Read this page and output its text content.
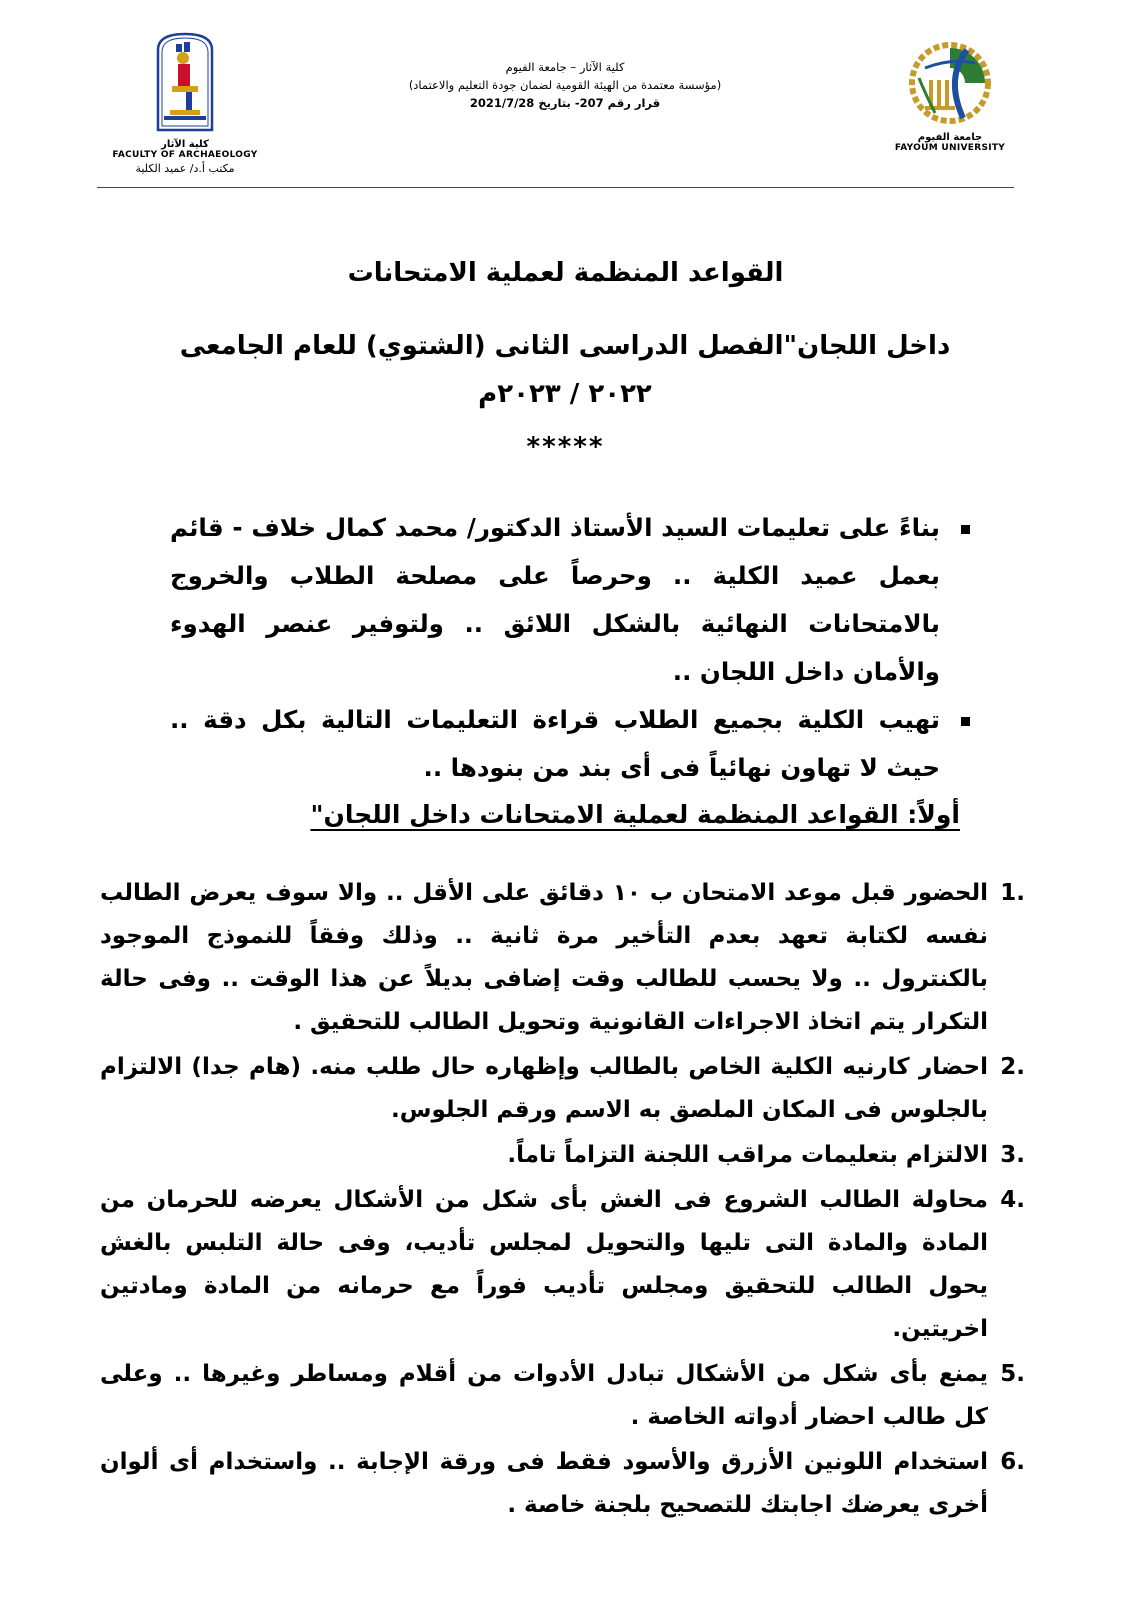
جامعة الفيوم
FAYOUM UNIVERSITY
كلية الآثار – جامعة الفيوم
(مؤسسة معتمدة من الهيئة القومية لضمان جودة التعليم والاعتماد)
قرار رقم 207- بتاريخ 2021/7/28
كلية الآثار
FACULTY OF ARCHAEOLOGY
مكتب أ.د/ عميد الكلية
القواعد المنظمة لعملية الامتحانات
داخل اللجان"الفصل الدراسى الثانى (الشتوي) للعام الجامعى ٢٠٢٢ / ٢٠٢٣م
*****
بناءً على تعليمات السيد الأستاذ الدكتور/ محمد كمال خلاف - قائم بعمل عميد الكلية .. وحرصاً على مصلحة الطلاب والخروج بالامتحانات النهائية بالشكل اللائق .. ولتوفير عنصر الهدوء والأمان داخل اللجان ..
تهيب الكلية بجميع الطلاب قراءة التعليمات التالية بكل دقة .. حيث لا تهاون نهائياً فى أى بند من بنودها ..
أولاً: القواعد المنظمة لعملية الامتحانات داخل اللجان"
1.
الحضور قبل موعد الامتحان ب ١٠ دقائق على الأقل .. والا سوف يعرض الطالب نفسه لكتابة تعهد بعدم التأخير مرة ثانية .. وذلك وفقاً للنموذج الموجود بالكنترول .. ولا يحسب للطالب وقت إضافى بديلاً عن هذا الوقت .. وفى حالة التكرار يتم اتخاذ الاجراءات القانونية وتحويل الطالب للتحقيق .
2.
احضار كارنيه الكلية الخاص بالطالب وإظهاره حال طلب منه. (هام جدا) الالتزام بالجلوس فى المكان الملصق به الاسم ورقم الجلوس.
3.
الالتزام بتعليمات مراقب اللجنة التزاماً تاماً.
4.
محاولة الطالب الشروع فى الغش بأى شكل من الأشكال يعرضه للحرمان من المادة والمادة التى تليها والتحويل لمجلس تأديب، وفى حالة التلبس بالغش يحول الطالب للتحقيق ومجلس تأديب فوراً مع حرمانه من المادة ومادتين اخريتين.
5.
يمنع بأى شكل من الأشكال تبادل الأدوات من أقلام ومساطر وغيرها .. وعلى كل طالب احضار أدواته الخاصة .
6.
استخدام اللونين الأزرق والأسود فقط فى ورقة الإجابة .. واستخدام أى ألوان أخرى يعرضك اجابتك للتصحيح بلجنة خاصة .
